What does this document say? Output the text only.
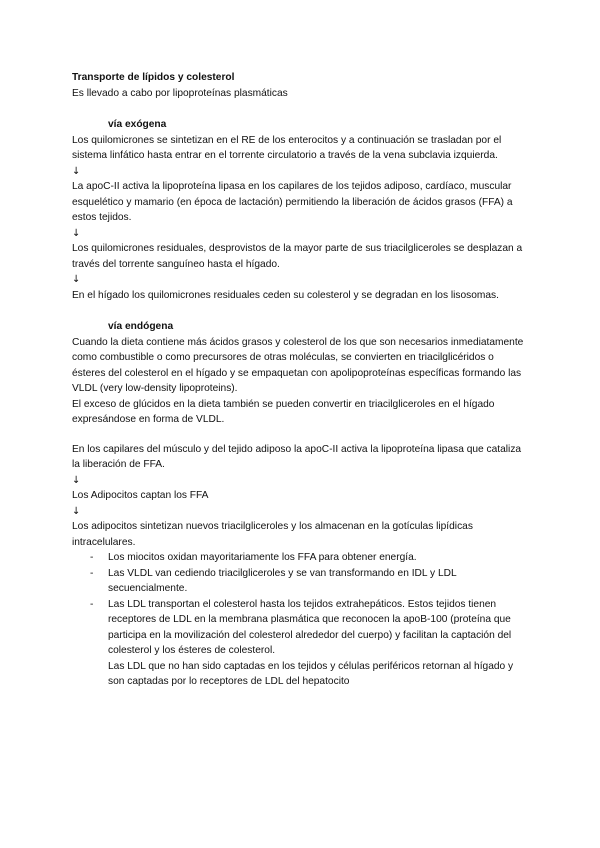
Transporte de lípidos y colesterol

Es llevado a cabo por lipoproteínas plasmáticas

vía exógena

Los quilomicrones se sintetizan en el RE de los enterocitos y a continuación se trasladan por el sistema linfático hasta entrar en el torrente circulatorio a través de la vena subclavia izquierda.

↓

La apoC-II activa la lipoproteína lipasa en los capilares de los tejidos adiposo, cardíaco, muscular esquelético y mamario (en época de lactación) permitiendo la liberación de ácidos grasos (FFA) a estos tejidos.

↓

Los quilomicrones residuales, desprovistos de la mayor parte de sus triacilgliceroles se desplazan a través del torrente sanguíneo hasta el hígado.

↓

En el hígado los quilomicrones residuales ceden su colesterol y se degradan en los lisosomas.

vía endógena

Cuando la dieta contiene más ácidos grasos y colesterol de los que son necesarios inmediatamente como combustible o como precursores de otras moléculas, se convierten en triacilglicéridos o ésteres del colesterol en el hígado y se empaquetan con apolipoproteínas específicas formando las VLDL (very low-density lipoproteins).

El exceso de glúcidos en la dieta también se pueden convertir en triacilgliceroles en el hígado expresándose en forma de VLDL.

En los capilares del músculo y del tejido adiposo la apoC-II activa la lipoproteína lipasa que cataliza la liberación de FFA.

↓

Los Adipocitos captan los FFA

↓

Los adipocitos sintetizan nuevos triacilgliceroles y los almacenan en la gotículas lipídicas intracelulares.

- Los miocitos oxidan mayoritariamente los FFA para obtener energía.
- Las VLDL van cediendo triacilgliceroles y se van transformando en IDL y LDL secuencialmente.
- Las LDL transportan el colesterol hasta los tejidos extrahepáticos. Estos tejidos tienen receptores de LDL en la membrana plasmática que reconocen la apoB-100 (proteína que participa en la movilización del colesterol alrededor del cuerpo) y facilitan la captación del colesterol y los ésteres de colesterol.
Las LDL que no han sido captadas en los tejidos y células periféricos retornan al hígado y son captadas por lo receptores de LDL del hepatocito
